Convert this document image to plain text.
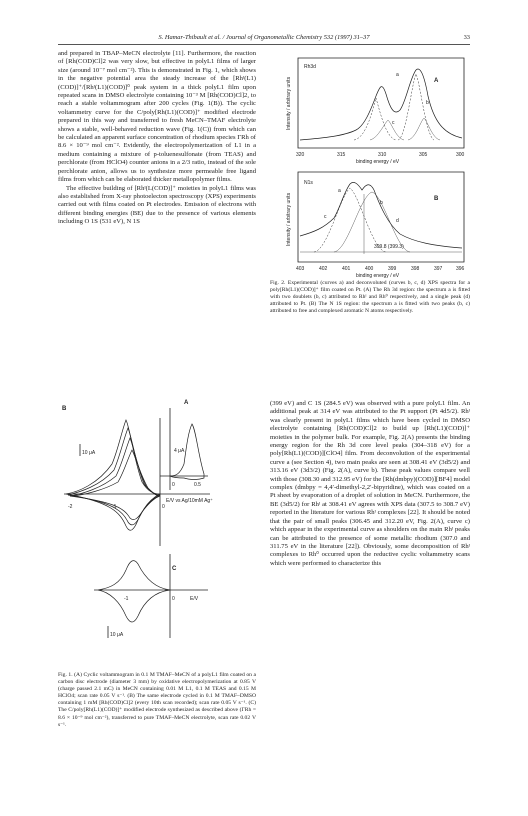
S. Hamar-Thibault et al. / Journal of Organometallic Chemistry 532 (1997) 31–37	33

and prepared in TBAP–MeCN electrolyte [11]. Furthermore, the reaction of [Rh(COD)Cl]2 was very slow, but effective in polyL1 films of larger size (around 10⁻⁷ mol cm⁻²). This is demonstrated in Fig. 1, which shows in the negative potential area the steady increase of the [Rhᴵ(L1)(COD)]⁺/[Rhᴵ(L1)(COD)]⁰ peak system in a thick polyL1 film upon repeated scans in DMSO electrolyte containing 10⁻³ M [Rh(COD)Cl]2, to reach a stable voltammogram after 200 cycles (Fig. 1(B)). The cyclic voltammetry curve for the C/poly[Rh(L1)(COD)]⁺ modified electrode prepared in this way and transferred to fresh MeCN–TMAF electrolyte shows a stable, well-behaved reduction wave (Fig. 1(C)) from which can be calculated an apparent surface concentration of rhodium species ΓRh of 8.6 × 10⁻⁹ mol cm⁻². Evidently, the electropolymerization of L1 in a medium containing a mixture of p-toluenesulfonate (from TEAS) and perchlorate (from HClO4) counter anions in a 2/3 ratio, instead of the sole perchlorate anion, allows us to synthesize more permeable free ligand films from which can be elaborated thicker metallopolymer films.

The effective building of [Rhᴵ(L(COD)]⁺ moieties in polyL1 films was also established from X-ray photoelecton spectroscopy (XPS) experiments carried out with films coated on Pt electrodes. Emission of electrons with different binding energies (BE) due to the presence of various elements including O 1S (531 eV), N 1S

Intensity / arbitrary units
Rh3d
A
a
b
c
320	315	310	305	300
binding energy / eV
Intensity / arbitrary units
N1s
B
399.8 (399.3)
a
b
c
d
403	402	401	400	399	398	397	396
binding energy / eV
Fig. 2. Experimental (curves a) and deconvoluted (curves b, c, d) XPS spectra for a poly[Rh(L1)(COD)]⁺ film coated on Pt. (A) The Rh 3d region: the spectrum a is fitted with two doublets (b, c) attributed to Rhᴵ and Rh⁰ respectively, and a single peak (d) attributed to Pt. (B) The N 1S region: the spectrum a is fitted with two peaks (b, c) attributed to free and complexed aromatic N atoms respectively.
A
4 μA
0	0.5
B
10 μA
-2	-1	0
E/V vs Ag/10mM Ag⁺
C
10 μA
-1	0	E/V
Fig. 1. (A) Cyclic voltammogram in 0.1 M TMAF–MeCN of a polyL1 film coated on a carbon disc electrode (diameter 3 mm) by oxidative electropolymerization at 0.85 V (charge passed 2.1 mC) in MeCN containing 0.01 M L1, 0.1 M TEAS and 0.15 M HClO4; scan rate 0.05 V s⁻¹. (B) The same electrode cycled in 0.1 M TMAF–DMSO containing 1 mM [Rh(COD)Cl]2 (every 10th scan recorded); scan rate 0.05 V s⁻¹. (C) The C/poly[Rh(L1)(COD)]⁺ modified electrode synthesized as described above (ΓRh = 8.6 × 10⁻⁹ mol cm⁻²), transferred to pure TMAF–MeCN electrolyte, scan rate 0.02 V s⁻¹.

(399 eV) and C 1S (284.5 eV) was observed with a pure polyL1 film. An additional peak at 314 eV was attributed to the Pt support (Pt 4d5/2). Rhᴵ was clearly present in polyL1 films which have been cycled in DMSO electrolyte containing [Rh(COD)Cl]2 to build up [Rh(L1)(COD)]⁺ moieties in the polymer bulk. For example, Fig. 2(A) presents the binding energy region for the Rh 3d core level peaks (304–318 eV) for a poly[Rh(L1)(COD)][ClO4] film. From deconvolution of the experimental curve a (see Section 4), two main peaks are seen at 308.41 eV (3d5/2) and 313.16 eV (3d3/2) (Fig. 2(A), curve b). These peak values compare well with those (308.30 and 312.95 eV) for the [Rh(dmbpy)(COD)][BF4] model complex (dmbpy = 4,4′-dimethyl-2,2′-bipyridine), which was coated on a Pt sheet by evaporation of a droplet of solution in MeCN. Furthermore, the BE (3d5/2) for Rhᴵ at 308.41 eV agrees with XPS data (307.5 to 308.7 eV) reported in the literature for various Rhᴵ complexes [22]. It should be noted that the pair of small peaks (306.45 and 312.20 eV, Fig. 2(A), curve c) which appear in the experimental curve as shoulders on the main Rhᴵ peaks can be attributed to the presence of some metallic rhodium (307.0 and 311.75 eV in the literature [22]). Obviously, some decomposition of Rhᴵ complexes to Rh⁰ occurred upon the reductive cyclic voltammetry scans which were performed to characterize this
